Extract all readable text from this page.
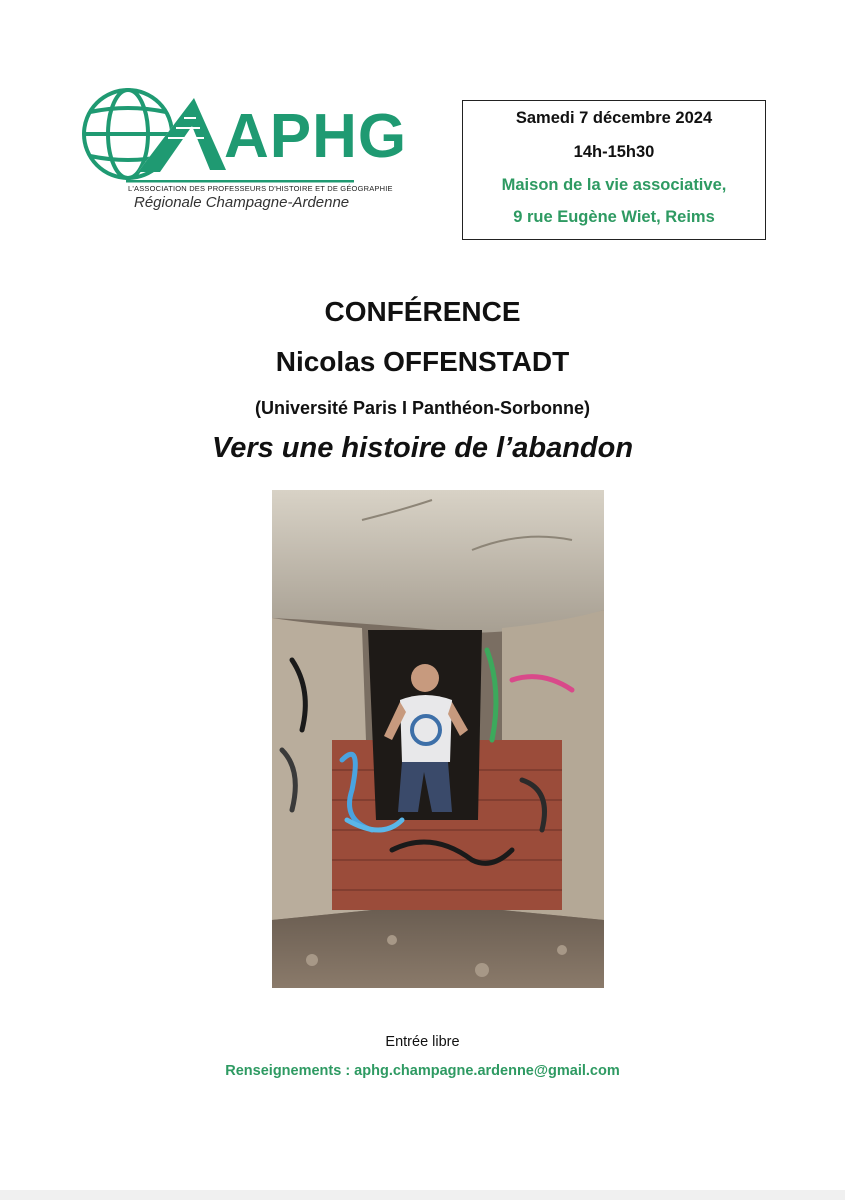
APHG
L'ASSOCIATION DES PROFESSEURS D'HISTOIRE ET DE GÉOGRAPHIE
Régionale Champagne-Ardenne
Samedi 7 décembre 2024
14h-15h30
Maison de la vie associative,
9 rue Eugène Wiet, Reims
CONFÉRENCE
Nicolas OFFENSTADT
(Université Paris I Panthéon-Sorbonne)
Vers une histoire de l’abandon
Entrée libre
Renseignements : aphg.champagne.ardenne@gmail.com
